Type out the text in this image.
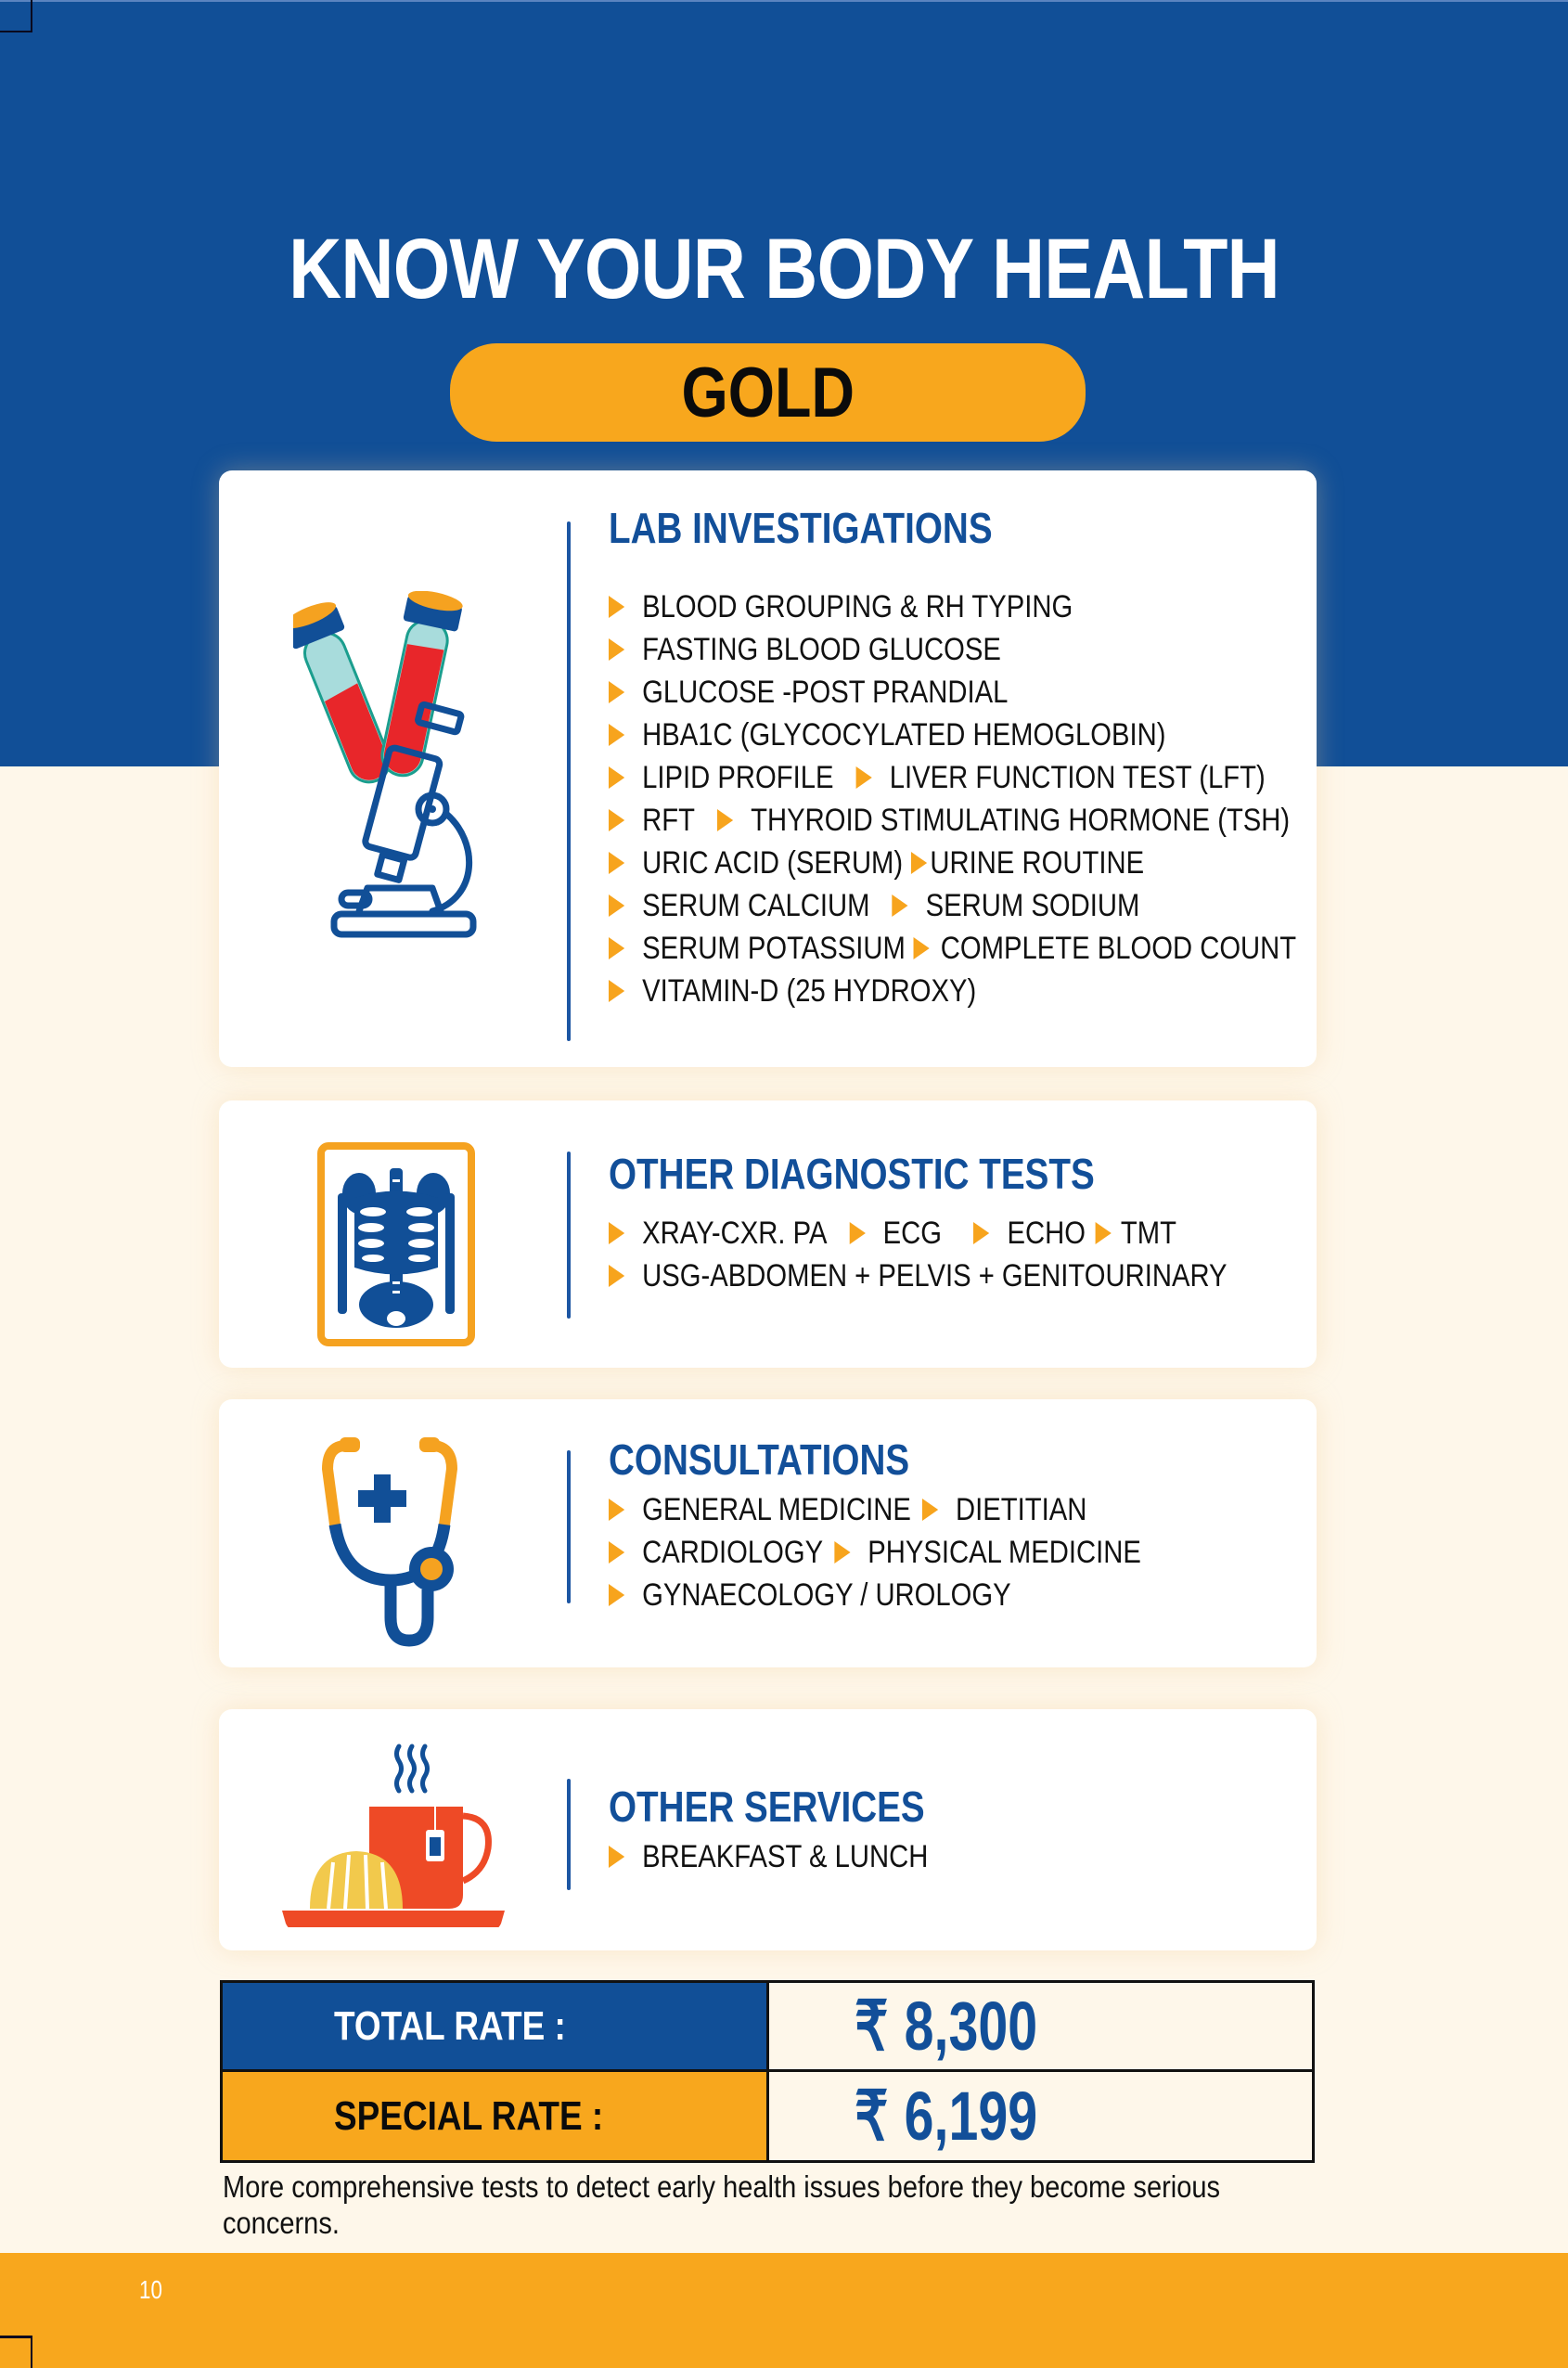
KNOW YOUR BODY HEALTH
GOLD
LAB INVESTIGATIONS
BLOOD GROUPING & RH TYPING
FASTING BLOOD GLUCOSE
GLUCOSE -POST PRANDIAL
HBA1C (GLYCOCYLATED HEMOGLOBIN)
LIPID PROFILE LIVER FUNCTION TEST (LFT)
RFT THYROID STIMULATING HORMONE (TSH)
URIC ACID (SERUM) URINE ROUTINE
SERUM CALCIUM SERUM SODIUM
SERUM POTASSIUM COMPLETE BLOOD COUNT
VITAMIN-D (25 HYDROXY)
OTHER DIAGNOSTIC TESTS
XRAY-CXR. PA ECG ECHO TMT
USG-ABDOMEN + PELVIS + GENITOURINARY
CONSULTATIONS
GENERAL MEDICINE DIETITIAN
CARDIOLOGY PHYSICAL MEDICINE
GYNAECOLOGY / UROLOGY
OTHER SERVICES
BREAKFAST & LUNCH
TOTAL RATE :	₹ 8,300
SPECIAL RATE :	₹ 6,199
More comprehensive tests to detect early health issues before they become serious concerns.
10
